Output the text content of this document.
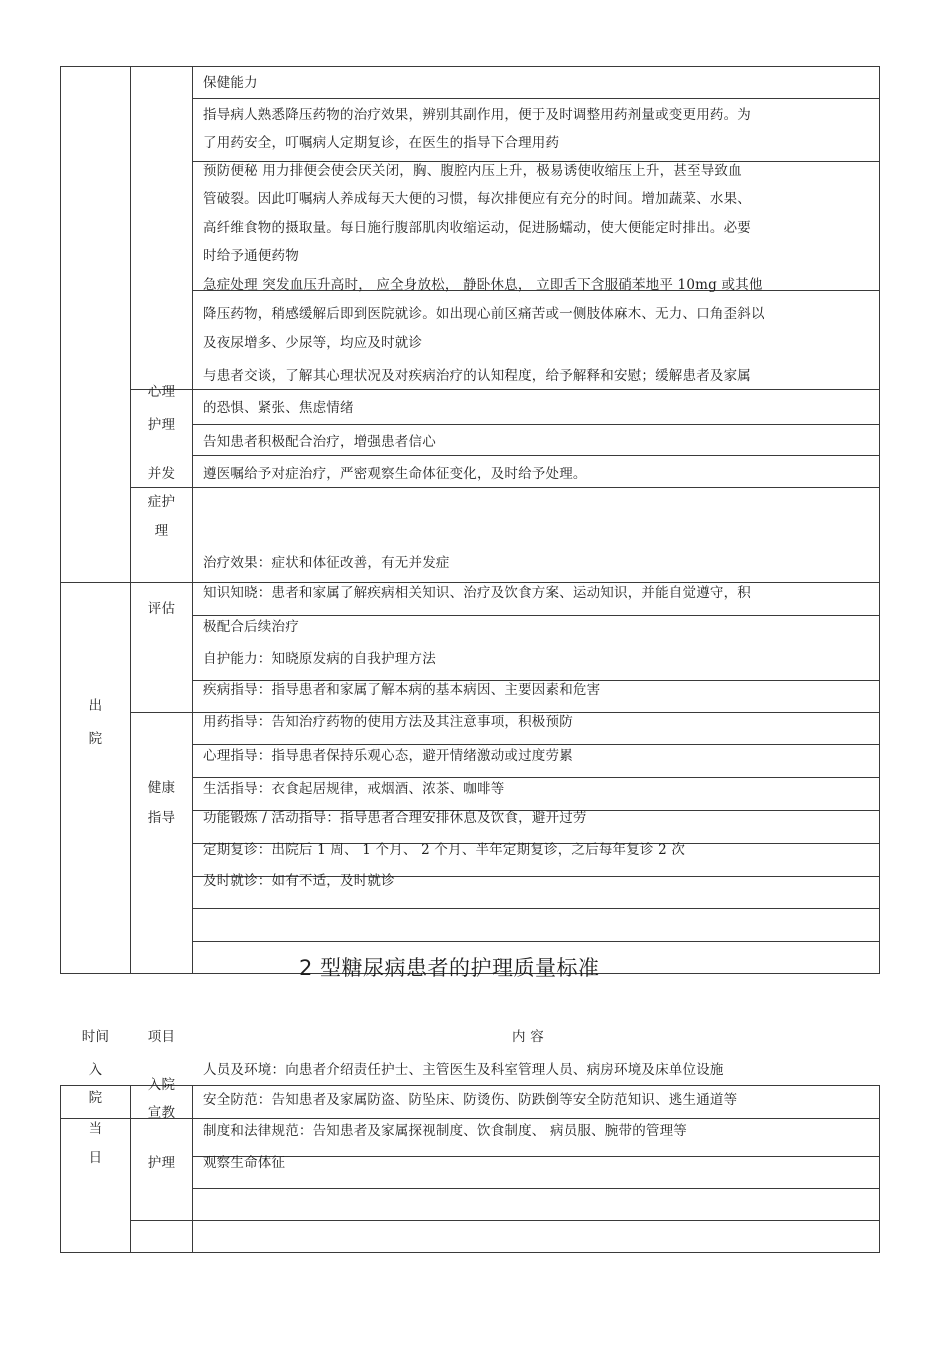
保健能力
指导病人熟悉降压药物的治疗效果，辨别其副作用，便于及时调整用药剂量或变更用药。为
了用药安全，叮嘱病人定期复诊，在医生的指导下合理用药
预防便秘 用力排便会使会厌关闭，胸、腹腔内压上升，极易诱使收缩压上升，甚至导致血
管破裂。因此叮嘱病人养成每天大便的习惯，每次排便应有充分的时间。增加蔬菜、水果、
高纤维食物的摄取量。每日施行腹部肌肉收缩运动，促进肠蠕动，使大便能定时排出。必要
时给予通便药物
急症处理 突发血压升高时， 应全身放松， 静卧休息， 立即舌下含服硝苯地平 10mg 或其他
降压药物，稍感缓解后即到医院就诊。如出现心前区痛苦或一侧肢体麻木、无力、口角歪斜以
及夜尿增多、少尿等，均应及时就诊
与患者交谈，了解其心理状况及对疾病治疗的认知程度，给予解释和安慰；缓解患者及家属
的恐惧、紧张、焦虑情绪
告知患者积极配合治疗，增强患者信心
遵医嘱给予对症治疗，严密观察生命体征变化，及时给予处理。
治疗效果：症状和体征改善，有无并发症
知识知晓：患者和家属了解疾病相关知识、治疗及饮食方案、运动知识，并能自觉遵守，积
极配合后续治疗
自护能力：知晓原发病的自我护理方法
疾病指导：指导患者和家属了解本病的基本病因、主要因素和危害
用药指导：告知治疗药物的使用方法及其注意事项，积极预防
心理指导：指导患者保持乐观心态，避开情绪激动或过度劳累
生活指导：衣食起居规律，戒烟酒、浓茶、咖啡等
功能锻炼 / 活动指导：指导患者合理安排休息及饮食，避开过劳
定期复诊：出院后 1 周、 1 个月、 2 个月、半年定期复诊，之后每年复诊 2 次
及时就诊：如有不适，及时就诊
心理
护理
并发
症护
理
出
院
评估
健康
指导
2 型糖尿病患者的护理质量标准
时间	项目	内 容
入
院
当
日
入院
宣教
护理
人员及环境：向患者介绍责任护士、主管医生及科室管理人员、病房环境及床单位设施
安全防范：告知患者及家属防盗、防坠床、防烫伤、防跌倒等安全防范知识、逃生通道等
制度和法律规范：告知患者及家属探视制度、饮食制度、 病员服、腕带的管理等
观察生命体征
